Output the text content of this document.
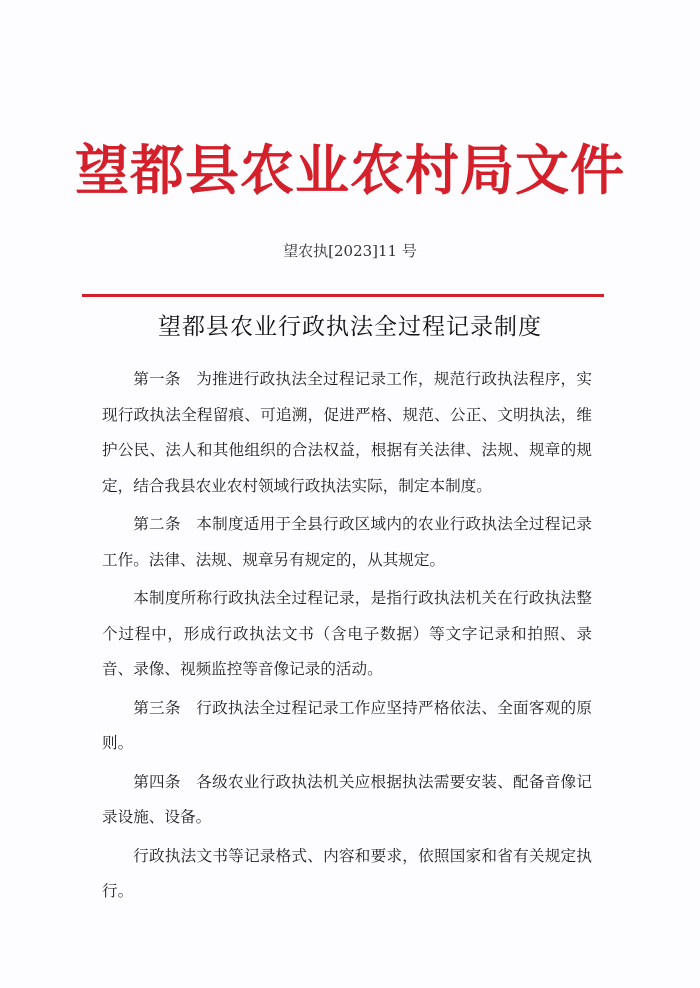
望都县农业农村局文件
望农执[2023]11 号
望都县农业行政执法全过程记录制度

第一条 为推进行政执法全过程记录工作，规范行政执法程序，实现行政执法全程留痕、可追溯，促进严格、规范、公正、文明执法，维护公民、法人和其他组织的合法权益，根据有关法律、法规、规章的规定，结合我县农业农村领域行政执法实际，制定本制度。

第二条 本制度适用于全县行政区域内的农业行政执法全过程记录工作。法律、法规、规章另有规定的，从其规定。

本制度所称行政执法全过程记录，是指行政执法机关在行政执法整个过程中，形成行政执法文书（含电子数据）等文字记录和拍照、录音、录像、视频监控等音像记录的活动。

第三条 行政执法全过程记录工作应坚持严格依法、全面客观的原则。

第四条 各级农业行政执法机关应根据执法需要安装、配备音像记录设施、设备。

行政执法文书等记录格式、内容和要求，依照国家和省有关规定执行。
